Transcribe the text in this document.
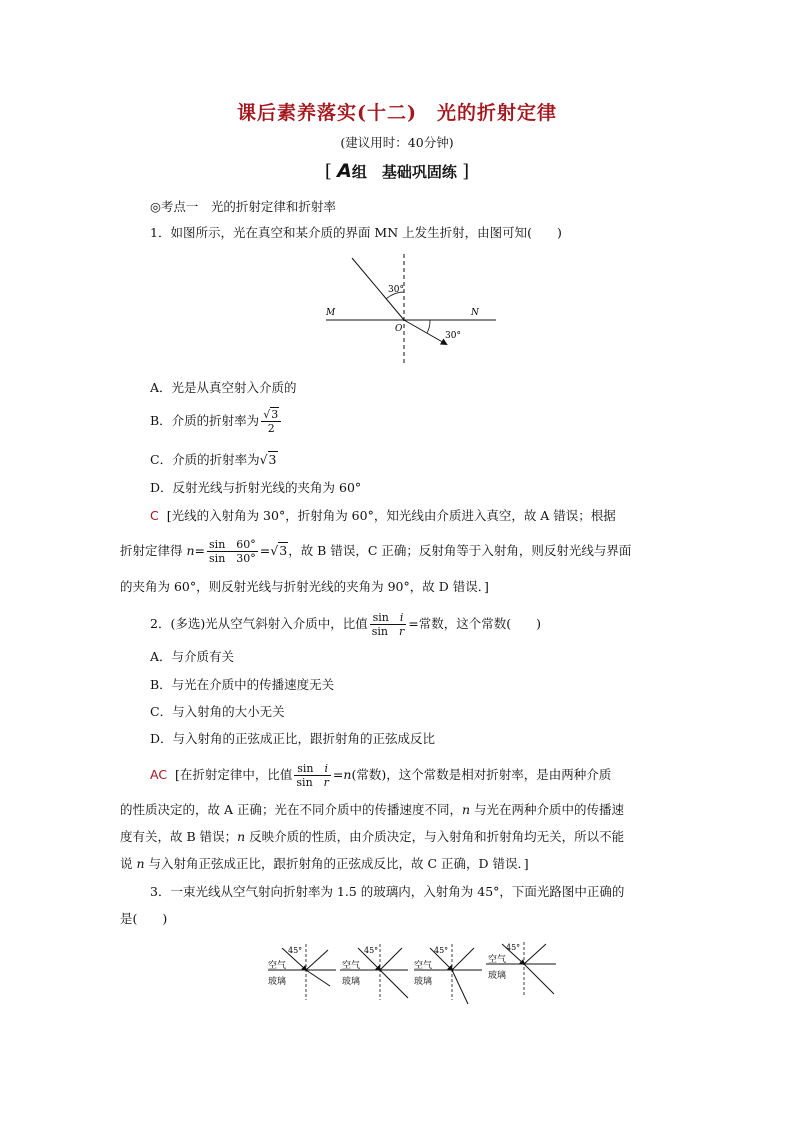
课后素养落实(十二)　光的折射定律
(建议用时：40分钟)
[ A组　基础巩固练 ]
◎考点一　光的折射定律和折射率
1．如图所示，光在真空和某介质的界面 MN 上发生折射，由图可知(　　)
30°
30°
M	N
O
A．光是从真空射入介质的
B．介质的折射率为 $\frac{√3}{2}$
C．介质的折射率为√3
D．反射光线与折射光线的夹角为 60°
C [光线的入射角为 30°，折射角为 60°，知光线由介质进入真空，故 A 错误；根据
折射定律得 $n= \frac{\sin 60^\circ}{\sin 30^\circ} =√3$，故 B 错误，C 正确；反射角等于入射角，则反射光线与界面
的夹角为 60°，则反射光线与折射光线的夹角为 90°，故 D 错误．]
2．(多选)光从空气斜射入介质中，比值 $\frac{\text{sin　 i}}{\text{sin　 r}}$ =常数，这个常数(　　)
A．与介质有关
B．与光在介质中的传播速度无关
C．与入射角的大小无关
D．与入射角的正弦成正比，跟折射角的正弦成反比
AC [在折射定律中，比值 $\frac{\text{sin　 i}}{\text{sin　 r}} =n$(常数)，这个常数是相对折射率，是由两种介质
的性质决定的，故 A 正确；光在不同介质中的传播速度不同，n 与光在两种介质中的传播速
度有关，故 B 错误；n 反映介质的性质，由介质决定，与入射角和折射角均无关，所以不能
说 n 与入射角正弦成正比，跟折射角的正弦成反比，故 C 正确，D 错误．]
3．一束光线从空气射向折射率为 1.5 的玻璃内，入射角为 45°，下面光路图中正确的
是(　　)
45°
空气
玻璃
45°
空气
玻璃
45°
空气
玻璃
45°
空气
玻璃
